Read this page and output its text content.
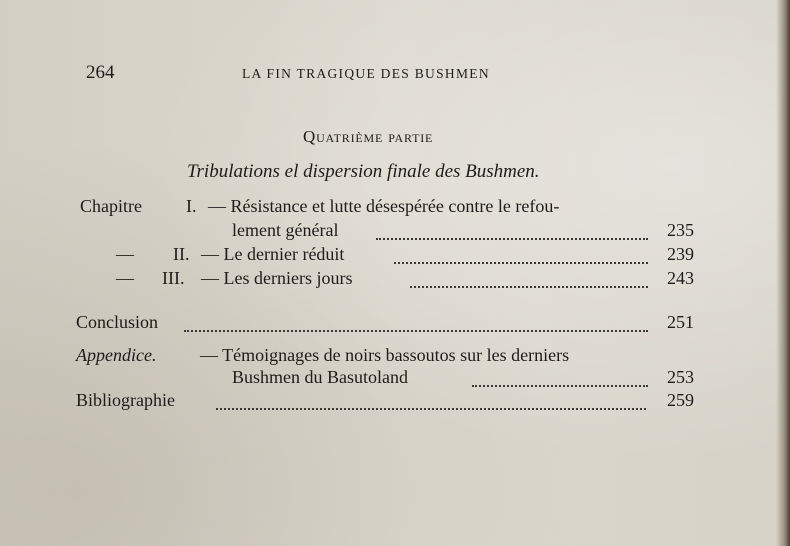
264	LA FIN TRAGIQUE DES BUSHMEN
Quatrième partie
Tribulations el dispersion finale des Bushmen.
Chapitre I. — Résistance et lutte désespérée contre le refou-
lement général	235
— II. — Le dernier réduit	239
— III. — Les derniers jours	243
Conclusion	251
Appendice. — Témoignages de noirs bassoutos sur les derniers
Bushmen du Basutoland	253
Bibliographie	259
